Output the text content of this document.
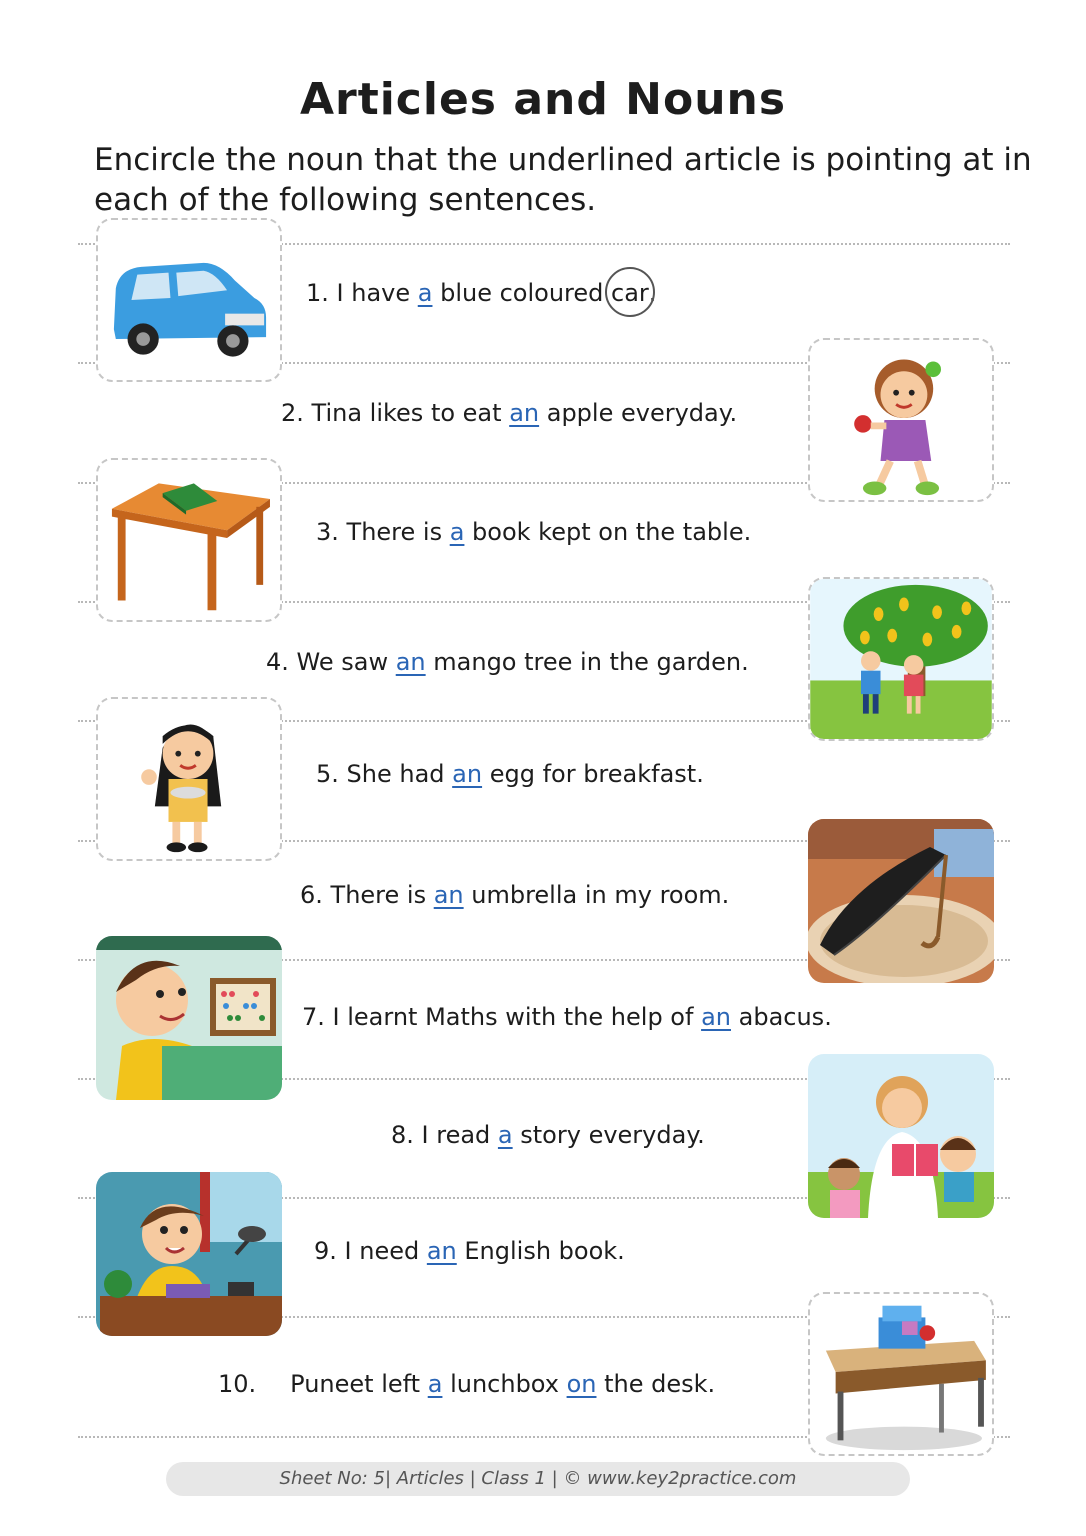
Articles and Nouns
Encircle the noun that the underlined article is pointing at in each of the following sentences.
1. I have a blue coloured car.
2. Tina likes to eat an apple everyday.
3. There is a book kept on the table.
4. We saw an mango tree in the garden.
5. She had an egg for breakfast.
6. There is an umbrella in my room.
7. I learnt Maths with the help of an abacus.
8. I read a story everyday.
9. I need an English book.
10. Puneet left a lunchbox on the desk.
Sheet No: 5| Articles | Class 1 | © www.key2practice.com
